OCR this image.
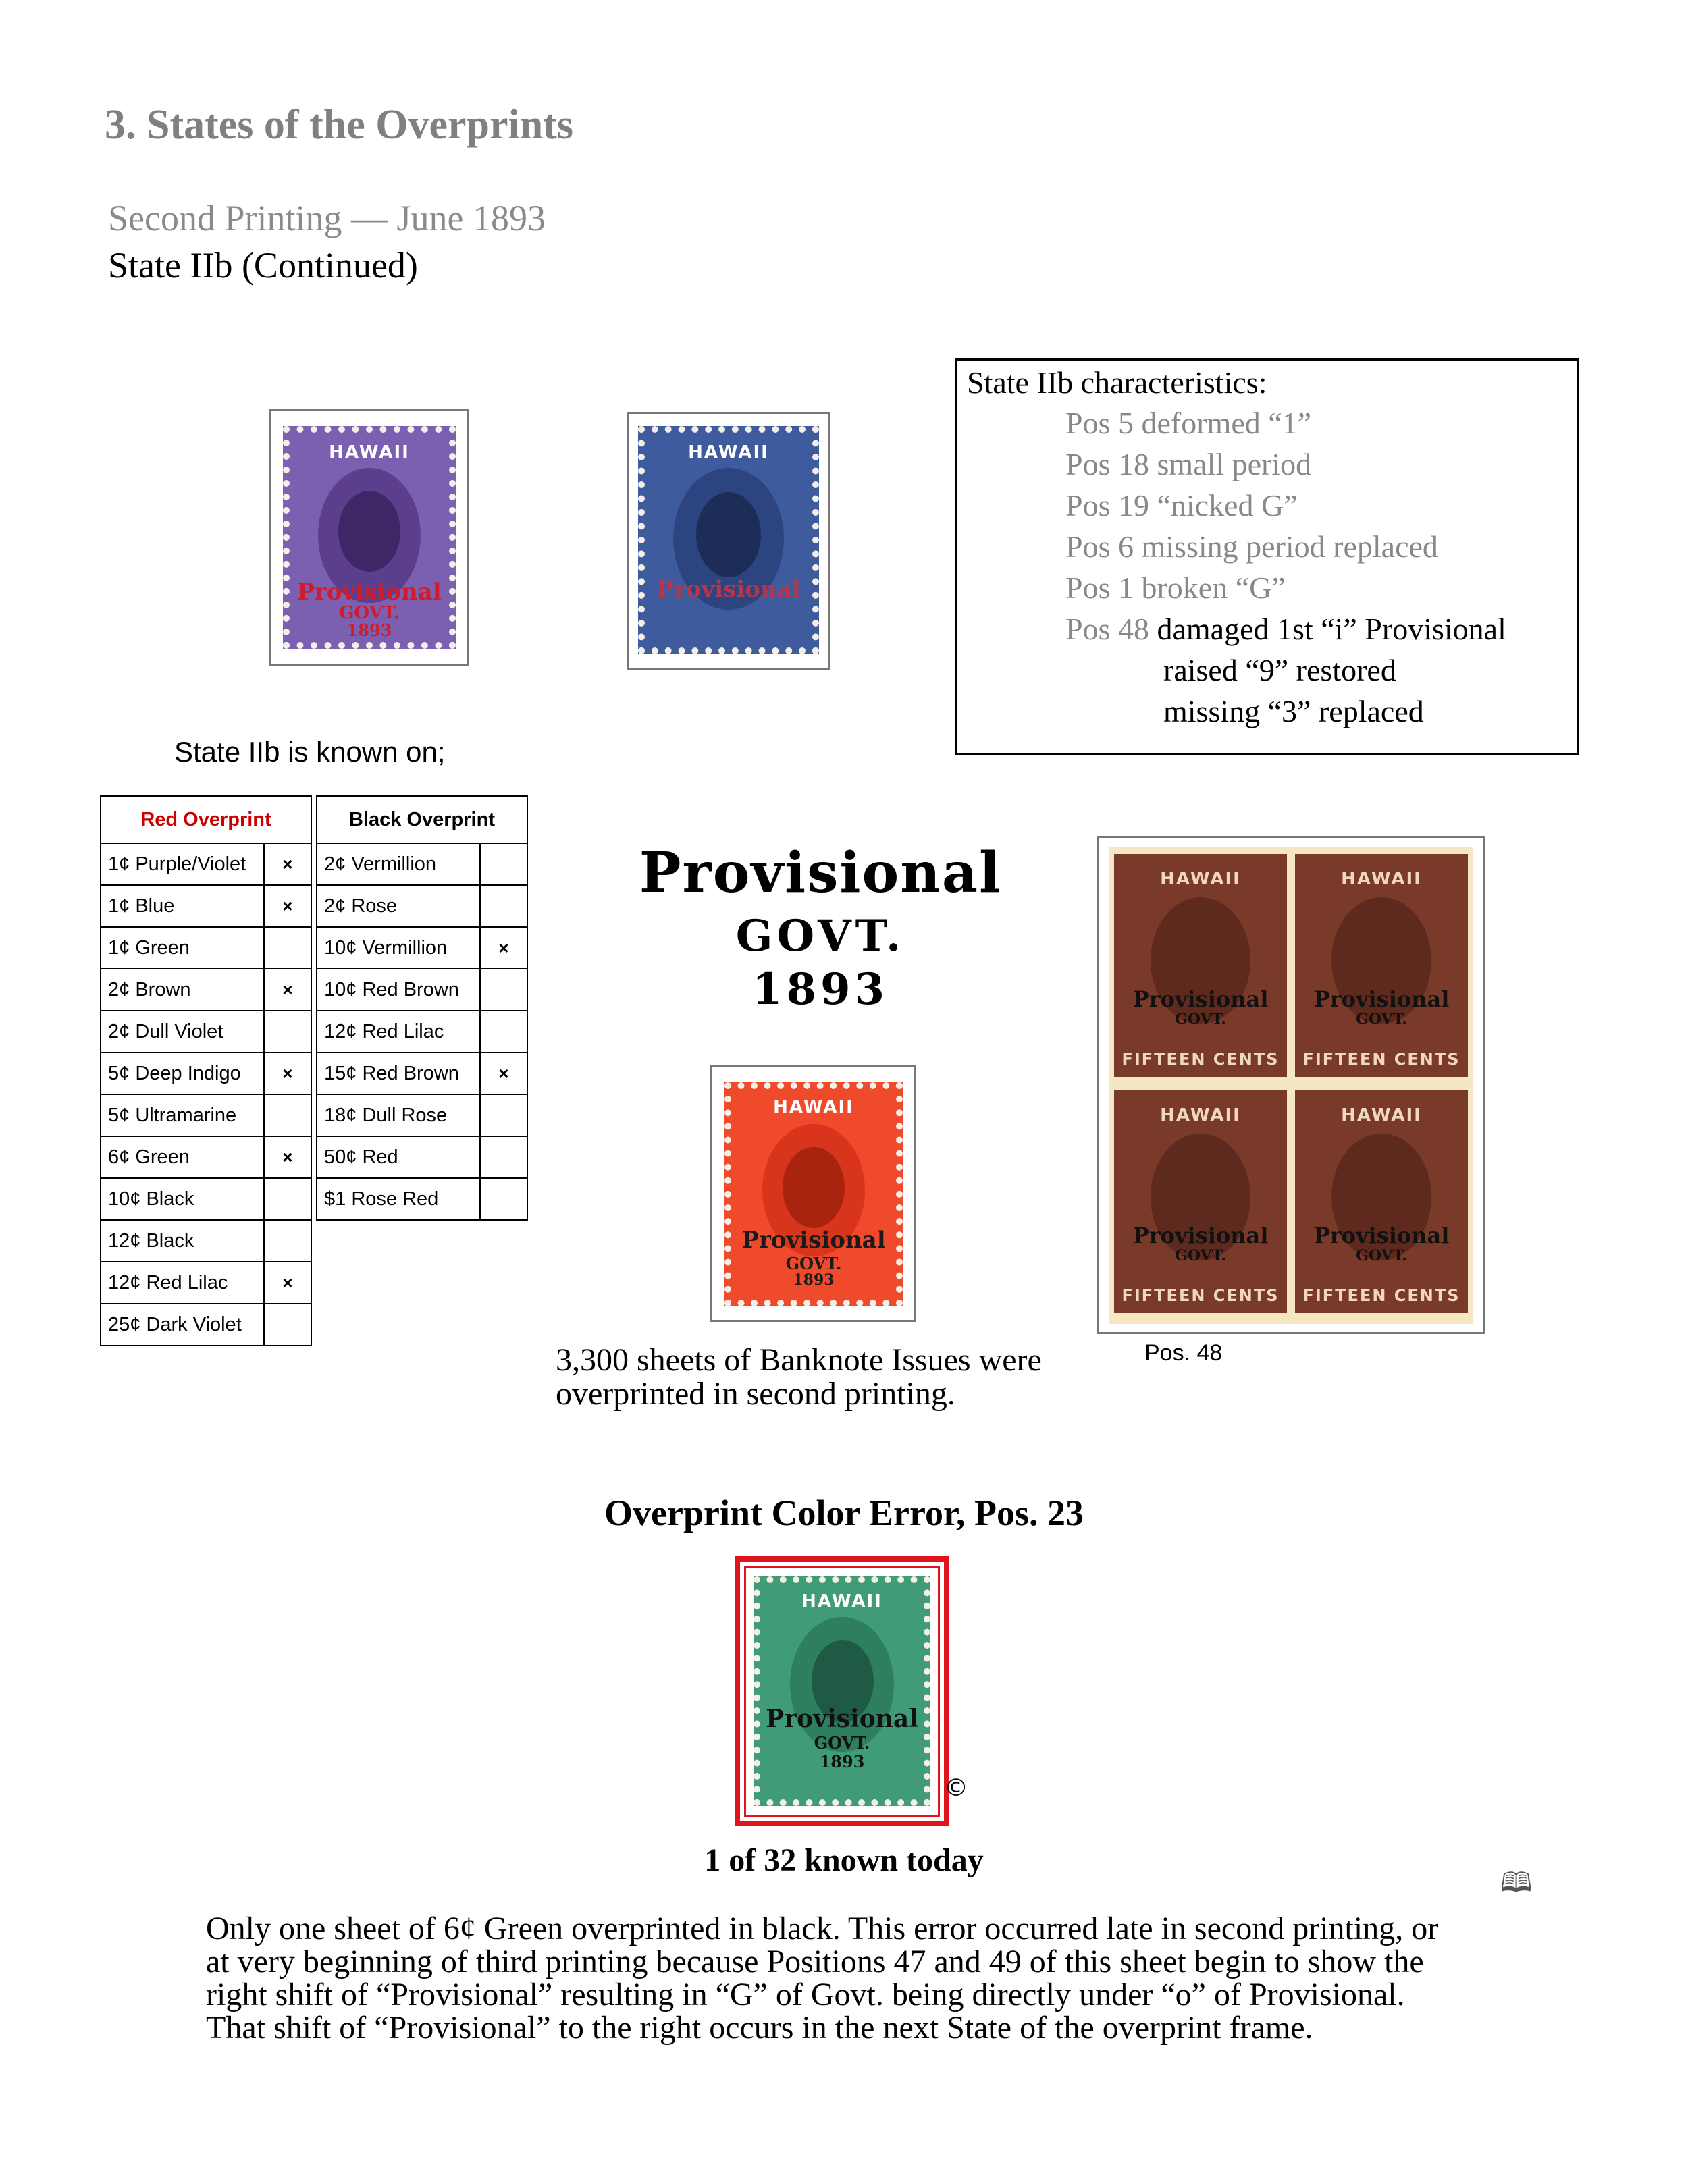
3. States of the Overprints
Second Printing — June 1893
State IIb (Continued)
HAWAII
Provisional
GOVT.
1893
HAWAII
Provisional
State IIb characteristics:
Pos 5 deformed “1”
Pos 18 small period
Pos 19 “nicked G”
Pos 6 missing period replaced
Pos 1 broken “G”
Pos 48 damaged 1st “i” Provisional
raised “9” restored
missing “3” replaced
State IIb is known on;
Red Overprint	
1¢ Purple/Violet	×
1¢ Blue	×
1¢ Green	
2¢ Brown	×
2¢ Dull Violet	
5¢ Deep Indigo	×
5¢ Ultramarine	
6¢ Green	×
10¢ Black	
12¢ Black	
12¢ Red Lilac	×
25¢ Dark Violet	
Black Overprint	
2¢ Vermillion	
2¢ Rose	
10¢ Vermillion	×
10¢ Red Brown	
12¢ Red Lilac	
15¢ Red Brown	×
18¢ Dull Rose	
50¢ Red	
$1 Rose Red	
Provisional
GOVT.
1893
HAWAII
Provisional
GOVT.
1893
HAWAII
Provisional
GOVT.
FIFTEEN CENTS
HAWAII
Provisional
GOVT.
FIFTEEN CENTS
HAWAII
Provisional
GOVT.
FIFTEEN CENTS
HAWAII
Provisional
GOVT.
FIFTEEN CENTS
3,300 sheets of Banknote Issues were
overprinted in second printing.
Pos. 48
Overprint Color Error, Pos. 23
HAWAII
Provisional
GOVT.
1893
©
1 of 32 known today
🕮
Only one sheet of 6¢ Green overprinted in black. This error occurred late in second printing, or
at very beginning of third printing because Positions 47 and 49 of this sheet begin to show the
right shift of “Provisional” resulting in “G” of Govt. being directly under “o” of Provisional.
That shift of “Provisional” to the right occurs in the next State of the overprint frame.
